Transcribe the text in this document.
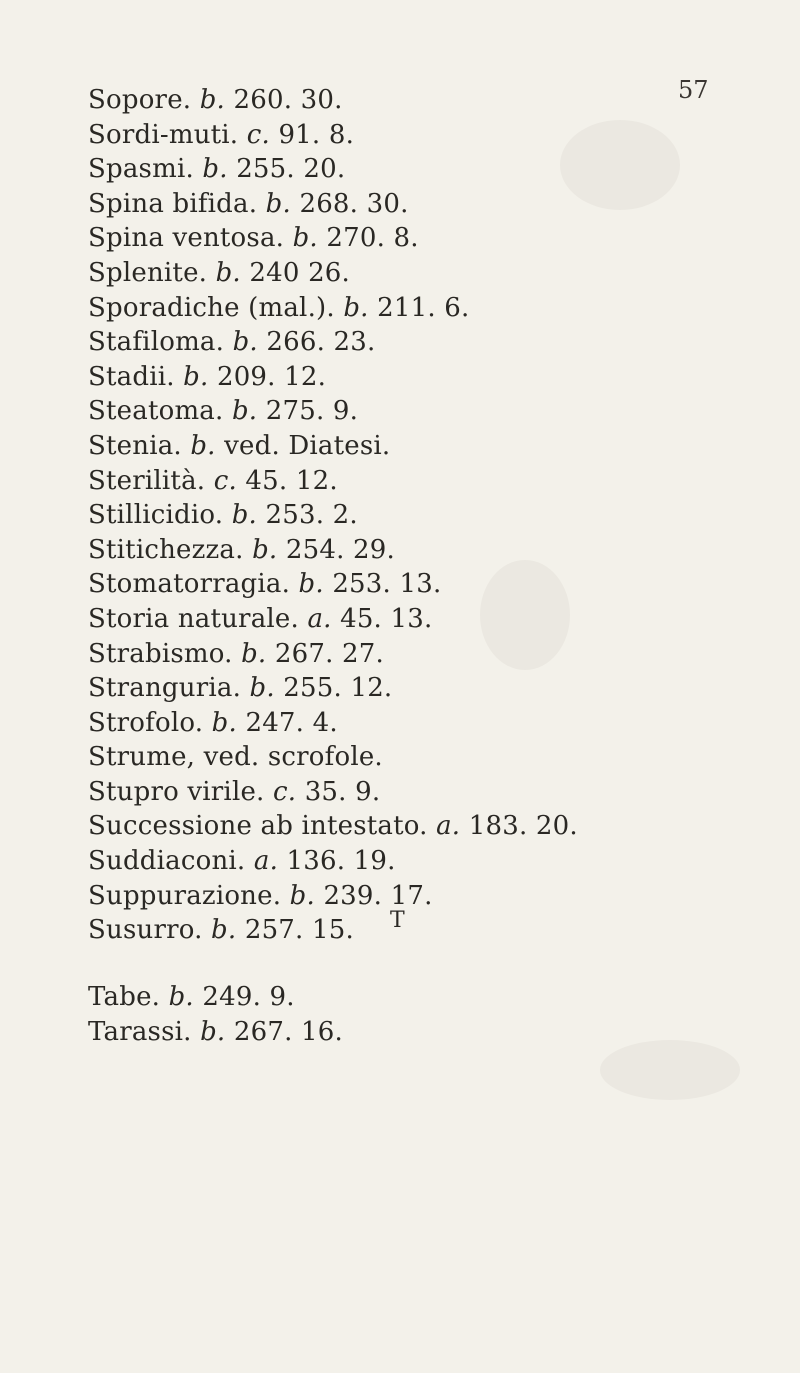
57
Sopore. b. 260. 30.
Sordi-muti. c. 91. 8.
Spasmi. b. 255. 20.
Spina bifida. b. 268. 30.
Spina ventosa. b. 270. 8.
Splenite. b. 240 26.
Sporadiche (mal.). b. 211. 6.
Stafiloma. b. 266. 23.
Stadii. b. 209. 12.
Steatoma. b. 275. 9.
Stenia. b. ved. Diatesi.
Sterilità. c. 45. 12.
Stillicidio. b. 253. 2.
Stitichezza. b. 254. 29.
Stomatorragia. b. 253. 13.
Storia naturale. a. 45. 13.
Strabismo. b. 267. 27.
Stranguria. b. 255. 12.
Strofolo. b. 247. 4.
Strume, ved. scrofole.
Stupro virile. c. 35. 9.
Successione ab intestato. a. 183. 20.
Suddiaconi. a. 136. 19.
Suppurazione. b. 239. 17.
Susurro. b. 257. 15.	T
Tabe. b. 249. 9.
Tarassi. b. 267. 16.
